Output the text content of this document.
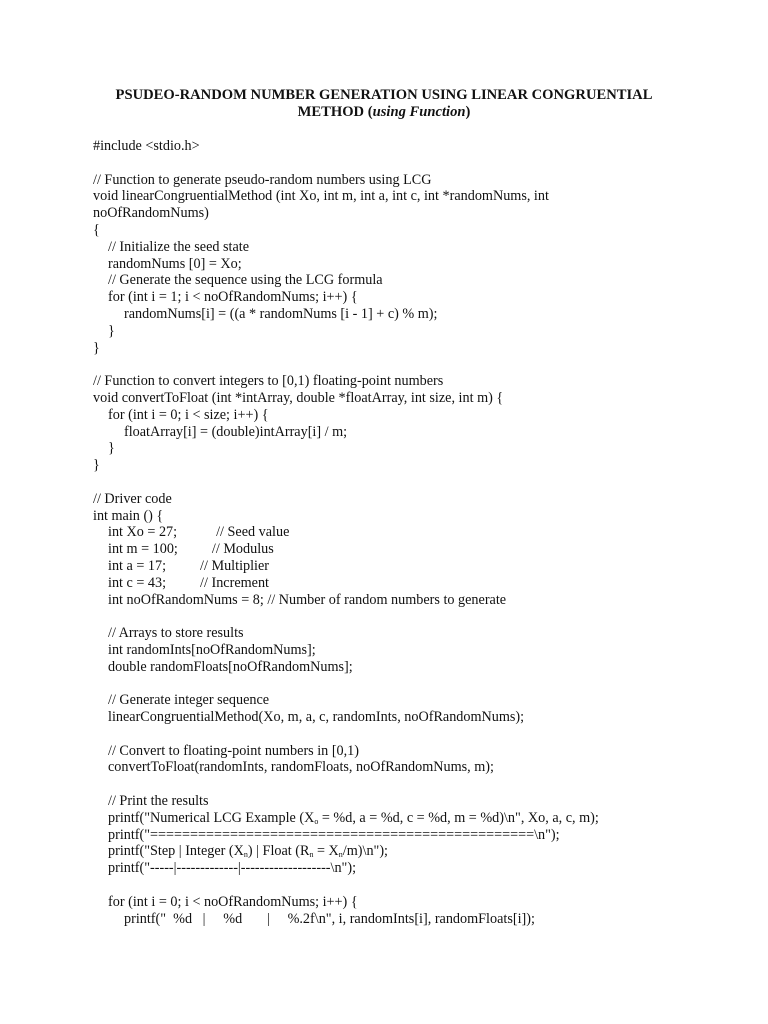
PSUDEO-RANDOM NUMBER GENERATION USING LINEAR CONGRUENTIAL
METHOD (using Function)
#include <stdio.h>
// Function to generate pseudo-random numbers using LCG
void linearCongruentialMethod (int Xo, int m, int a, int c, int *randomNums, int
noOfRandomNums)
{
// Initialize the seed state
randomNums [0] = Xo;
// Generate the sequence using the LCG formula
for (int i = 1; i < noOfRandomNums; i++) {
randomNums[i] = ((a * randomNums [i - 1] + c) % m);
}
}
// Function to convert integers to [0,1) floating-point numbers
void convertToFloat (int *intArray, double *floatArray, int size, int m) {
for (int i = 0; i < size; i++) {
floatArray[i] = (double)intArray[i] / m;
}
}
// Driver code
int main () {
int Xo = 27;	// Seed value
int m = 100; // Modulus
int a = 17; // Multiplier
int c = 43; // Increment
int noOfRandomNums = 8; // Number of random numbers to generate
// Arrays to store results
int randomInts[noOfRandomNums];
double randomFloats[noOfRandomNums];
// Generate integer sequence
linearCongruentialMethod(Xo, m, a, c, randomInts, noOfRandomNums);
// Convert to floating-point numbers in [0,1)
convertToFloat(randomInts, randomFloats, noOfRandomNums, m);
// Print the results
printf("Numerical LCG Example ($X_o = \%d$, a = %d, c = %d, m = %d)\n", Xo, a, c, m);
printf("================================================\n");
printf("Step | Integer $(X_n)$ | Float ($R_n$ = $X_n/m)\backslash n$");
printf("-----|-------------|-------------------\n");
for (int i = 0; i < noOfRandomNums; i++) {
printf("  %d   |     %d       |     %.2f\n", i, randomInts[i], randomFloats[i]);
